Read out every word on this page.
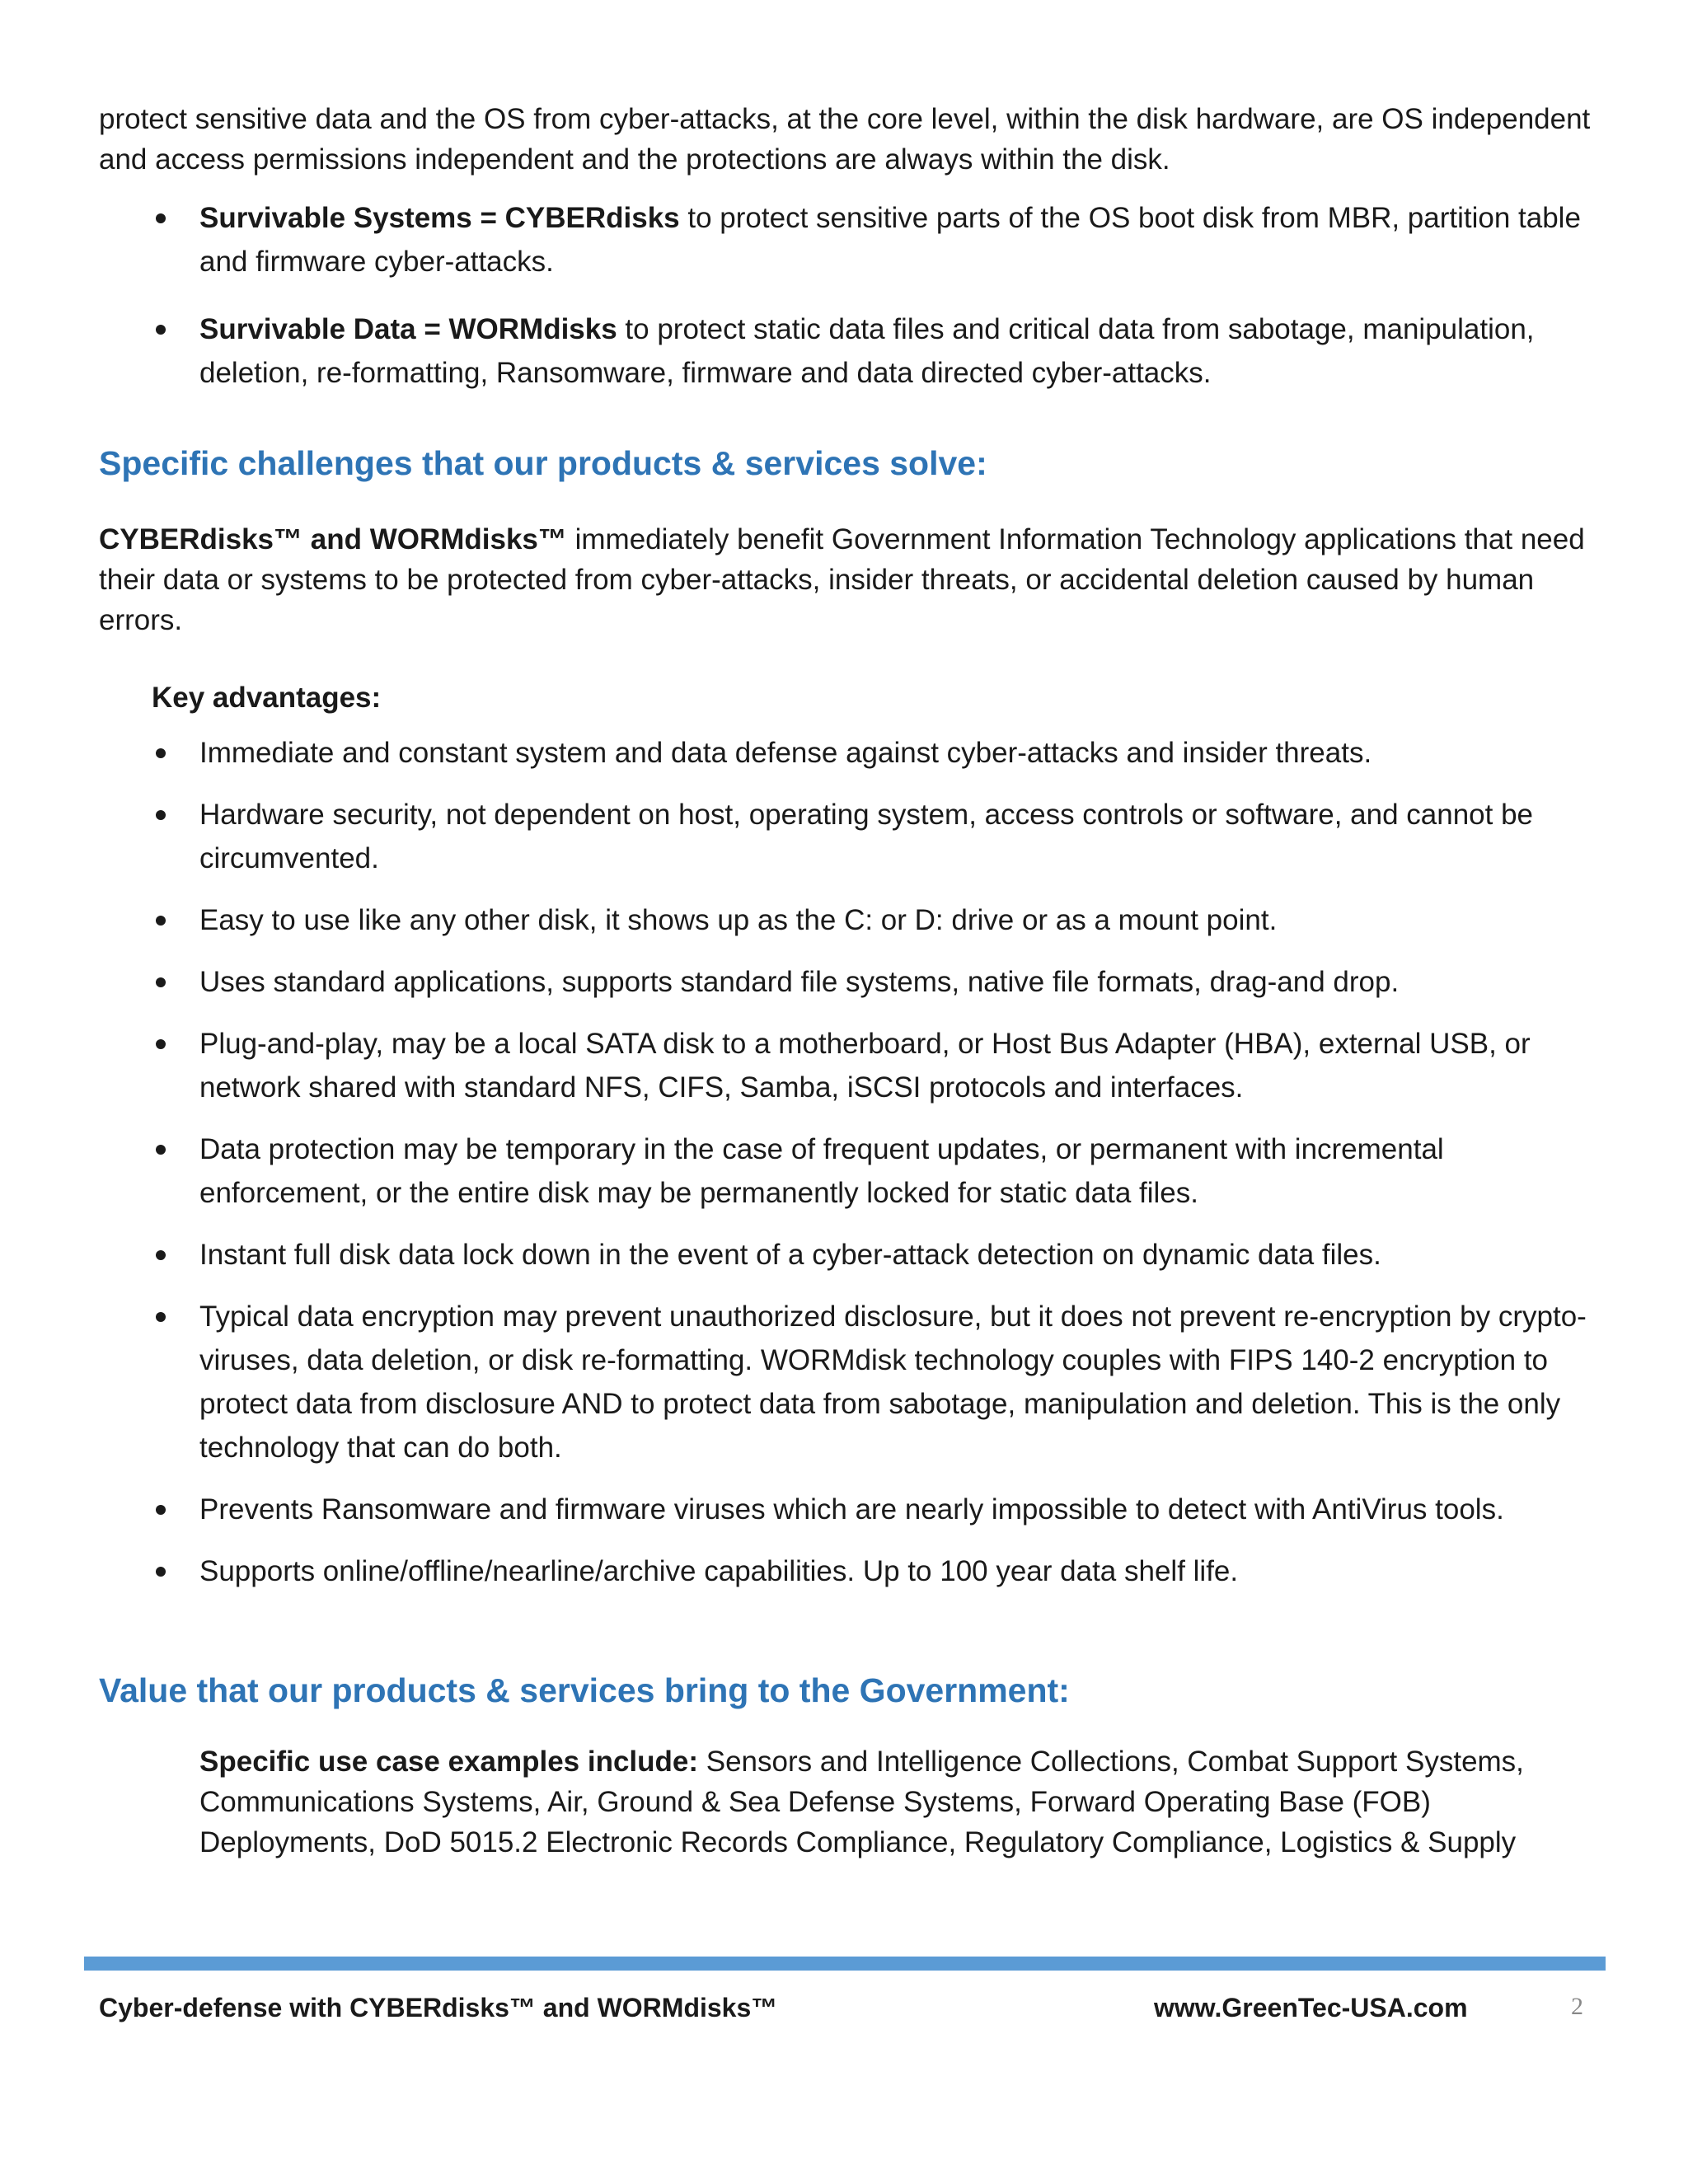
protect sensitive data and the OS from cyber-attacks, at the core level, within the disk hardware, are OS independent and access permissions independent and the protections are always within the disk.

Survivable Systems = CYBERdisks to protect sensitive parts of the OS boot disk from MBR, partition table and firmware cyber-attacks.
Survivable Data = WORMdisks to protect static data files and critical data from sabotage, manipulation, deletion, re-formatting, Ransomware, firmware and data directed cyber-attacks.
Specific challenges that our products & services solve:

CYBERdisks™ and WORMdisks™ immediately benefit Government Information Technology applications that need their data or systems to be protected from cyber-attacks, insider threats, or accidental deletion caused by human errors.

Key advantages:

Immediate and constant system and data defense against cyber-attacks and insider threats.
Hardware security, not dependent on host, operating system, access controls or software, and cannot be circumvented.
Easy to use like any other disk, it shows up as the C: or D: drive or as a mount point.
Uses standard applications, supports standard file systems, native file formats, drag-and drop.
Plug-and-play, may be a local SATA disk to a motherboard, or Host Bus Adapter (HBA), external USB, or network shared with standard NFS, CIFS, Samba, iSCSI protocols and interfaces.
Data protection may be temporary in the case of frequent updates, or permanent with incremental enforcement, or the entire disk may be permanently locked for static data files.
Instant full disk data lock down in the event of a cyber-attack detection on dynamic data files.
Typical data encryption may prevent unauthorized disclosure, but it does not prevent re-encryption by crypto-viruses, data deletion, or disk re-formatting. WORMdisk technology couples with FIPS 140-2 encryption to protect data from disclosure AND to protect data from sabotage, manipulation and deletion. This is the only technology that can do both.
Prevents Ransomware and firmware viruses which are nearly impossible to detect with AntiVirus tools.
Supports online/offline/nearline/archive capabilities. Up to 100 year data shelf life.
Value that our products & services bring to the Government:

Specific use case examples include: Sensors and Intelligence Collections, Combat Support Systems, Communications Systems, Air, Ground & Sea Defense Systems, Forward Operating Base (FOB) Deployments, DoD 5015.2 Electronic Records Compliance, Regulatory Compliance, Logistics & Supply

Cyber-defense with CYBERdisks™ and WORMdisks™	www.GreenTec-USA.com	2
